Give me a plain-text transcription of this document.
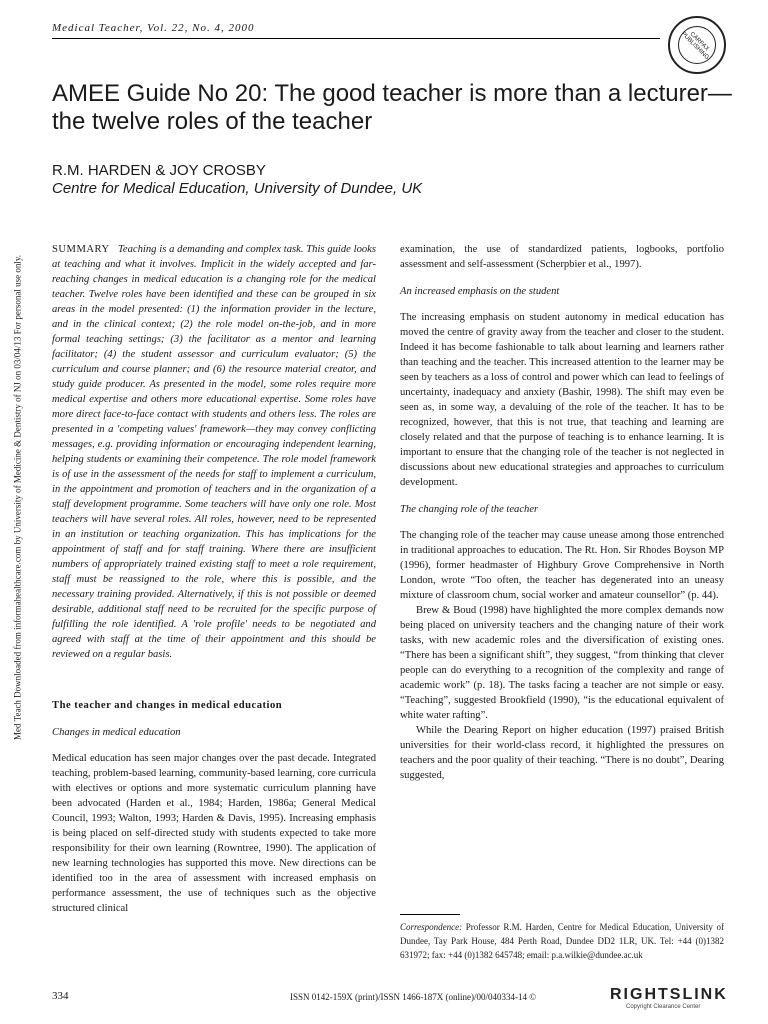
Medical Teacher, Vol. 22, No. 4, 2000
CARFAX PUBLISHING
AMEE Guide No 20: The good teacher is more than a lecturer—the twelve roles of the teacher
R.M. HARDEN & JOY CROSBY
Centre for Medical Education, University of Dundee, UK
Med Teach Downloaded from informahealthcare.com by University of Medicine & Dentistry of NJ on 03/04/13 For personal use only.

SUMMARY Teaching is a demanding and complex task. This guide looks at teaching and what it involves. Implicit in the widely accepted and far-reaching changes in medical education is a changing role for the medical teacher. Twelve roles have been identified and these can be grouped in six areas in the model presented: (1) the information provider in the lecture, and in the clinical context; (2) the role model on-the-job, and in more formal teaching settings; (3) the facilitator as a mentor and learning facilitator; (4) the student assessor and curriculum evaluator; (5) the curriculum and course planner; and (6) the resource material creator, and study guide producer. As presented in the model, some roles require more medical expertise and others more educational expertise. Some roles have more direct face-to-face contact with students and others less. The roles are presented in a 'competing values' framework—they may convey conflicting messages, e.g. providing information or encouraging independent learning, helping students or examining their competence. The role model framework is of use in the assessment of the needs for staff to implement a curriculum, in the appointment and promotion of teachers and in the organization of a staff development programme. Some teachers will have only one role. Most teachers will have several roles. All roles, however, need to be represented in an institution or teaching organization. This has implications for the appointment of staff and for staff training. Where there are insufficient numbers of appropriately trained existing staff to meet a role requirement, staff must be reassigned to the role, where this is possible, and the necessary training provided. Alternatively, if this is not possible or deemed desirable, additional staff need to be recruited for the specific purpose of fulfilling the role identified. A 'role profile' needs to be negotiated and agreed with staff at the time of their appointment and this should be reviewed on a regular basis.

The teacher and changes in medical education

Changes in medical education

Medical education has seen major changes over the past decade. Integrated teaching, problem-based learning, community-based learning, core curricula with electives or options and more systematic curriculum planning have been advocated (Harden et al., 1984; Harden, 1986a; General Medical Council, 1993; Walton, 1993; Harden & Davis, 1995). Increasing emphasis is being placed on self-directed study with students expected to take more responsibility for their own learning (Rowntree, 1990). The application of new learning technologies has supported this move. New directions can be identified too in the area of assessment with increased emphasis on performance assessment, the use of techniques such as the objective structured clinical

examination, the use of standardized patients, logbooks, portfolio assessment and self-assessment (Scherpbier et al., 1997).

An increased emphasis on the student

The increasing emphasis on student autonomy in medical education has moved the centre of gravity away from the teacher and closer to the student. Indeed it has become fashionable to talk about learning and learners rather than teaching and the teacher. This increased attention to the learner may be seen by teachers as a loss of control and power which can lead to feelings of uncertainty, inadequacy and anxiety (Bashir, 1998). The shift may even be seen as, in some way, a devaluing of the role of the teacher. It has to be recognized, however, that this is not true, that teaching and learning are closely related and that the purpose of teaching is to enhance learning. It is important to ensure that the changing role of the teacher is not neglected in discussions about new educational strategies and approaches to curriculum development.

The changing role of the teacher

The changing role of the teacher may cause unease among those entrenched in traditional approaches to education. The Rt. Hon. Sir Rhodes Boyson MP (1996), former headmaster of Highbury Grove Comprehensive in North London, wrote “Too often, the teacher has degenerated into an uneasy mixture of classroom chum, social worker and amateur counsellor” (p. 44).

Brew & Boud (1998) have highlighted the more complex demands now being placed on university teachers and the changing nature of their work tasks, with new academic roles and the diversification of existing ones. “There has been a significant shift”, they suggest, “from thinking that clever people can do everything to a recognition of the complexity and range of academic work” (p. 18). The tasks facing a teacher are not simple or easy. “Teaching”, suggested Brookfield (1990), “is the educational equivalent of white water rafting”.

While the Dearing Report on higher education (1997) praised British universities for their world-class record, it highlighted the pressures on teachers and the poor quality of their teaching. “There is no doubt”, Dearing suggested,

Correspondence: Professor R.M. Harden, Centre for Medical Education, University of Dundee, Tay Park House, 484 Perth Road, Dundee DD2 1LR, UK. Tel: +44 (0)1382 631972; fax: +44 (0)1382 645748; email: p.a.wilkie@dundee.ac.uk
334	ISSN 0142-159X (print)/ISSN 1466-187X (online)/00/040334-14 ©	RIGHTSLINK
Copyright Clearance Center
